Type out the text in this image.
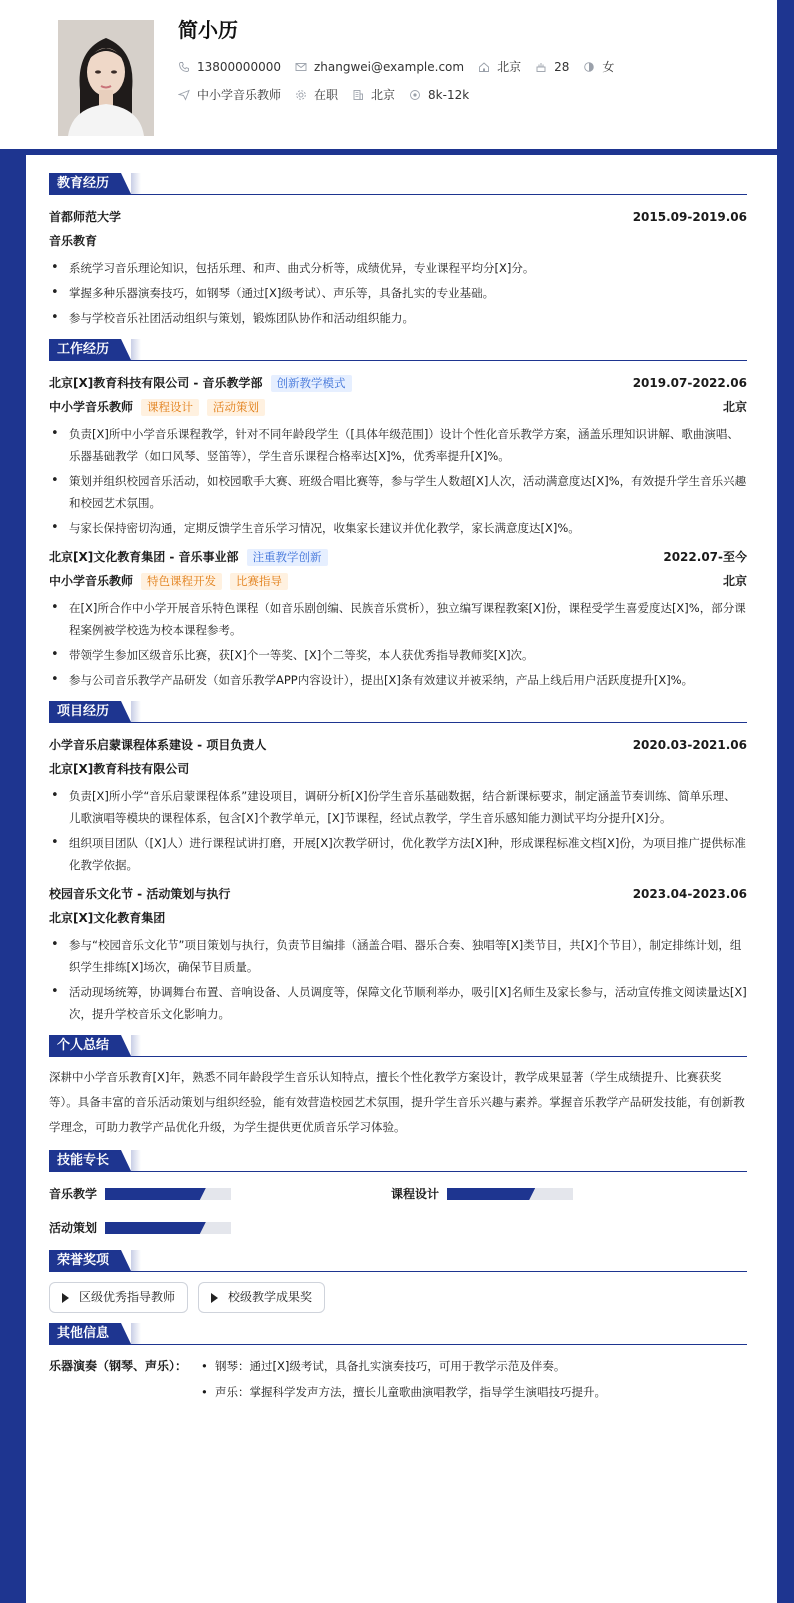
简小历
13800000000	zhangwei@example.com	北京	28	女
中小学音乐教师	在职	北京	8k-12k
教育经历
首都师范大学	2015.09-2019.06
音乐教育
• 系统学习音乐理论知识，包括乐理、和声、曲式分析等，成绩优异，专业课程平均分[X]分。
• 掌握多种乐器演奏技巧，如钢琴（通过[X]级考试）、声乐等，具备扎实的专业基础。
• 参与学校音乐社团活动组织与策划，锻炼团队协作和活动组织能力。
工作经历
北京[X]教育科技有限公司 - 音乐教学部	创新教学模式	2019.07-2022.06
中小学音乐教师	课程设计	活动策划	北京
• 负责[X]所中小学音乐课程教学，针对不同年龄段学生（[具体年级范围]）设计个性化音乐教学方案，涵盖乐理知识讲解、歌曲演唱、乐器基础教学（如口风琴、竖笛等），学生音乐课程合格率达[X]%，优秀率提升[X]%。
• 策划并组织校园音乐活动，如校园歌手大赛、班级合唱比赛等，参与学生人数超[X]人次，活动满意度达[X]%，有效提升学生音乐兴趣和校园艺术氛围。
• 与家长保持密切沟通，定期反馈学生音乐学习情况，收集家长建议并优化教学，家长满意度达[X]%。
北京[X]文化教育集团 - 音乐事业部	注重教学创新	2022.07-至今
中小学音乐教师	特色课程开发	比赛指导	北京
• 在[X]所合作中小学开展音乐特色课程（如音乐剧创编、民族音乐赏析），独立编写课程教案[X]份，课程受学生喜爱度达[X]%，部分课程案例被学校选为校本课程参考。
• 带领学生参加区级音乐比赛，获[X]个一等奖、[X]个二等奖，本人获优秀指导教师奖[X]次。
• 参与公司音乐教学产品研发（如音乐教学APP内容设计），提出[X]条有效建议并被采纳，产品上线后用户活跃度提升[X]%。
项目经历
小学音乐启蒙课程体系建设 - 项目负责人	2020.03-2021.06
北京[X]教育科技有限公司
• 负责[X]所小学“音乐启蒙课程体系”建设项目，调研分析[X]份学生音乐基础数据，结合新课标要求，制定涵盖节奏训练、简单乐理、儿歌演唱等模块的课程体系，包含[X]个教学单元，[X]节课程，经试点教学，学生音乐感知能力测试平均分提升[X]分。
• 组织项目团队（[X]人）进行课程试讲打磨，开展[X]次教学研讨，优化教学方法[X]种，形成课程标准文档[X]份，为项目推广提供标准化教学依据。
校园音乐文化节 - 活动策划与执行	2023.04-2023.06
北京[X]文化教育集团
• 参与“校园音乐文化节”项目策划与执行，负责节目编排（涵盖合唱、器乐合奏、独唱等[X]类节目，共[X]个节目），制定排练计划，组织学生排练[X]场次，确保节目质量。
• 活动现场统筹，协调舞台布置、音响设备、人员调度等，保障文化节顺利举办，吸引[X]名师生及家长参与，活动宣传推文阅读量达[X]次，提升学校音乐文化影响力。
个人总结

深耕中小学音乐教育[X]年，熟悉不同年龄段学生音乐认知特点，擅长个性化教学方案设计，教学成果显著（学生成绩提升、比赛获奖等）。具备丰富的音乐活动策划与组织经验，能有效营造校园艺术氛围，提升学生音乐兴趣与素养。掌握音乐教学产品研发技能，有创新教学理念，可助力教学产品优化升级，为学生提供更优质音乐学习体验。

技能专长
音乐教学	课程设计
活动策划
荣誉奖项
区级优秀指导教师	校级教学成果奖
其他信息
乐器演奏（钢琴、声乐）：
•	钢琴：通过[X]级考试，具备扎实演奏技巧，可用于教学示范及伴奏。
• 声乐：掌握科学发声方法，擅长儿童歌曲演唱教学，指导学生演唱技巧提升。
